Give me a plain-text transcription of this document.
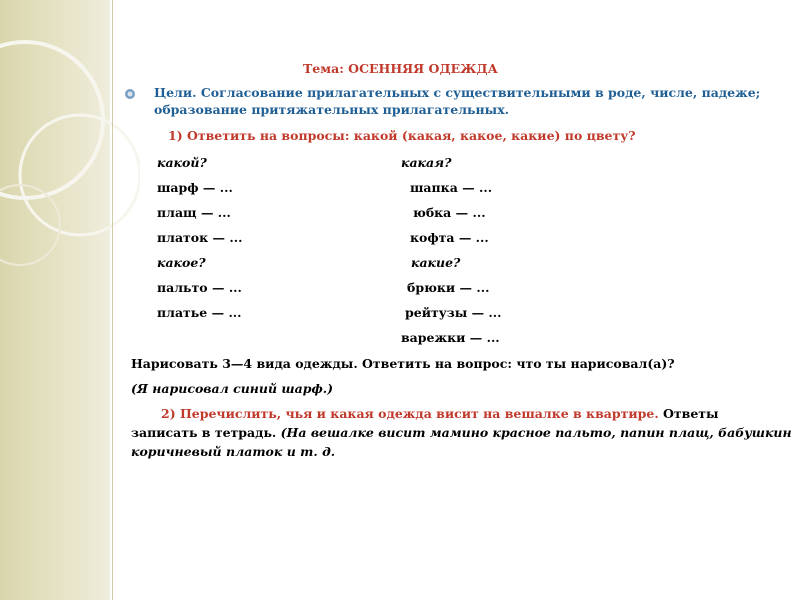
Тема: ОСЕННЯЯ ОДЕЖДА
Цели. Согласование прилагательных с существительными в роде, числе, падеже;
образование притяжательных прилагательных.
1) Ответить на вопросы: какой (какая, какое, какие) по цвету?
какой?
шарф — ...
плащ — ...
платок — ...
какое?
пальто — ...
платье — ...
какая?
шапка — ...
юбка — ...
кофта — ...
какие?
брюки — ...
рейтузы — ...
варежки — ...
Нарисовать 3—4 вида одежды. Ответить на вопрос: что ты нарисовал(а)?
(Я нарисовал синий шарф.)
2) Перечислить, чья и какая одежда висит на вешалке в квартире. Ответы
записать в тетрадь. (На вешалке висит мамино красное пальто, папин плащ, бабушкин
коричневый платок и т. д.
